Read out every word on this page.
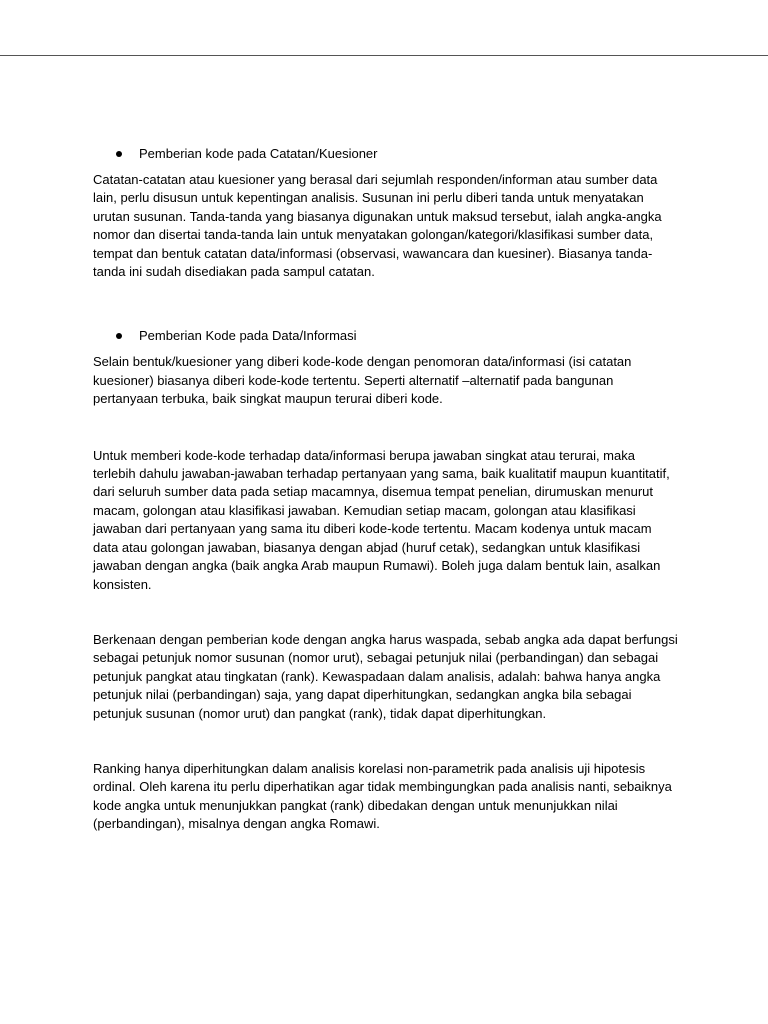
Pemberian kode pada Catatan/Kuesioner

Catatan-catatan atau kuesioner yang berasal dari sejumlah responden/informan atau sumber data lain, perlu disusun untuk kepentingan analisis. Susunan ini perlu diberi tanda untuk menyatakan urutan susunan. Tanda-tanda yang biasanya digunakan untuk maksud tersebut, ialah angka-angka nomor dan disertai tanda-tanda lain untuk menyatakan golongan/kategori/klasifikasi sumber data, tempat dan bentuk catatan data/informasi (observasi, wawancara dan kuesiner). Biasanya tanda-tanda ini sudah disediakan pada sampul catatan.

Pemberian Kode pada Data/Informasi

Selain bentuk/kuesioner yang diberi kode-kode dengan penomoran data/informasi (isi catatan kuesioner) biasanya diberi kode-kode tertentu. Seperti alternatif –alternatif pada bangunan pertanyaan terbuka, baik singkat maupun terurai diberi kode.

Untuk memberi kode-kode terhadap data/informasi berupa jawaban singkat atau terurai, maka terlebih dahulu jawaban-jawaban terhadap pertanyaan yang sama, baik kualitatif maupun kuantitatif, dari seluruh sumber data pada setiap macamnya, disemua tempat penelian, dirumuskan menurut macam, golongan atau klasifikasi jawaban. Kemudian setiap macam, golongan atau klasifikasi jawaban dari pertanyaan yang sama itu diberi kode-kode tertentu. Macam kodenya untuk macam data atau golongan jawaban, biasanya dengan abjad (huruf cetak), sedangkan untuk klasifikasi jawaban dengan angka (baik angka Arab maupun Rumawi). Boleh juga dalam bentuk lain, asalkan konsisten.

Berkenaan dengan pemberian kode dengan angka harus waspada, sebab angka ada dapat berfungsi sebagai petunjuk nomor susunan (nomor urut), sebagai petunjuk nilai (perbandingan) dan sebagai petunjuk pangkat atau tingkatan (rank). Kewaspadaan dalam analisis, adalah: bahwa hanya angka petunjuk nilai (perbandingan) saja, yang dapat diperhitungkan, sedangkan angka bila sebagai petunjuk susunan (nomor urut) dan pangkat (rank), tidak dapat diperhitungkan.

Ranking hanya diperhitungkan dalam analisis korelasi non-parametrik pada analisis uji hipotesis ordinal. Oleh karena itu perlu diperhatikan agar tidak membingungkan pada analisis nanti, sebaiknya kode angka untuk menunjukkan pangkat (rank) dibedakan dengan untuk menunjukkan nilai (perbandingan), misalnya dengan angka Romawi.
